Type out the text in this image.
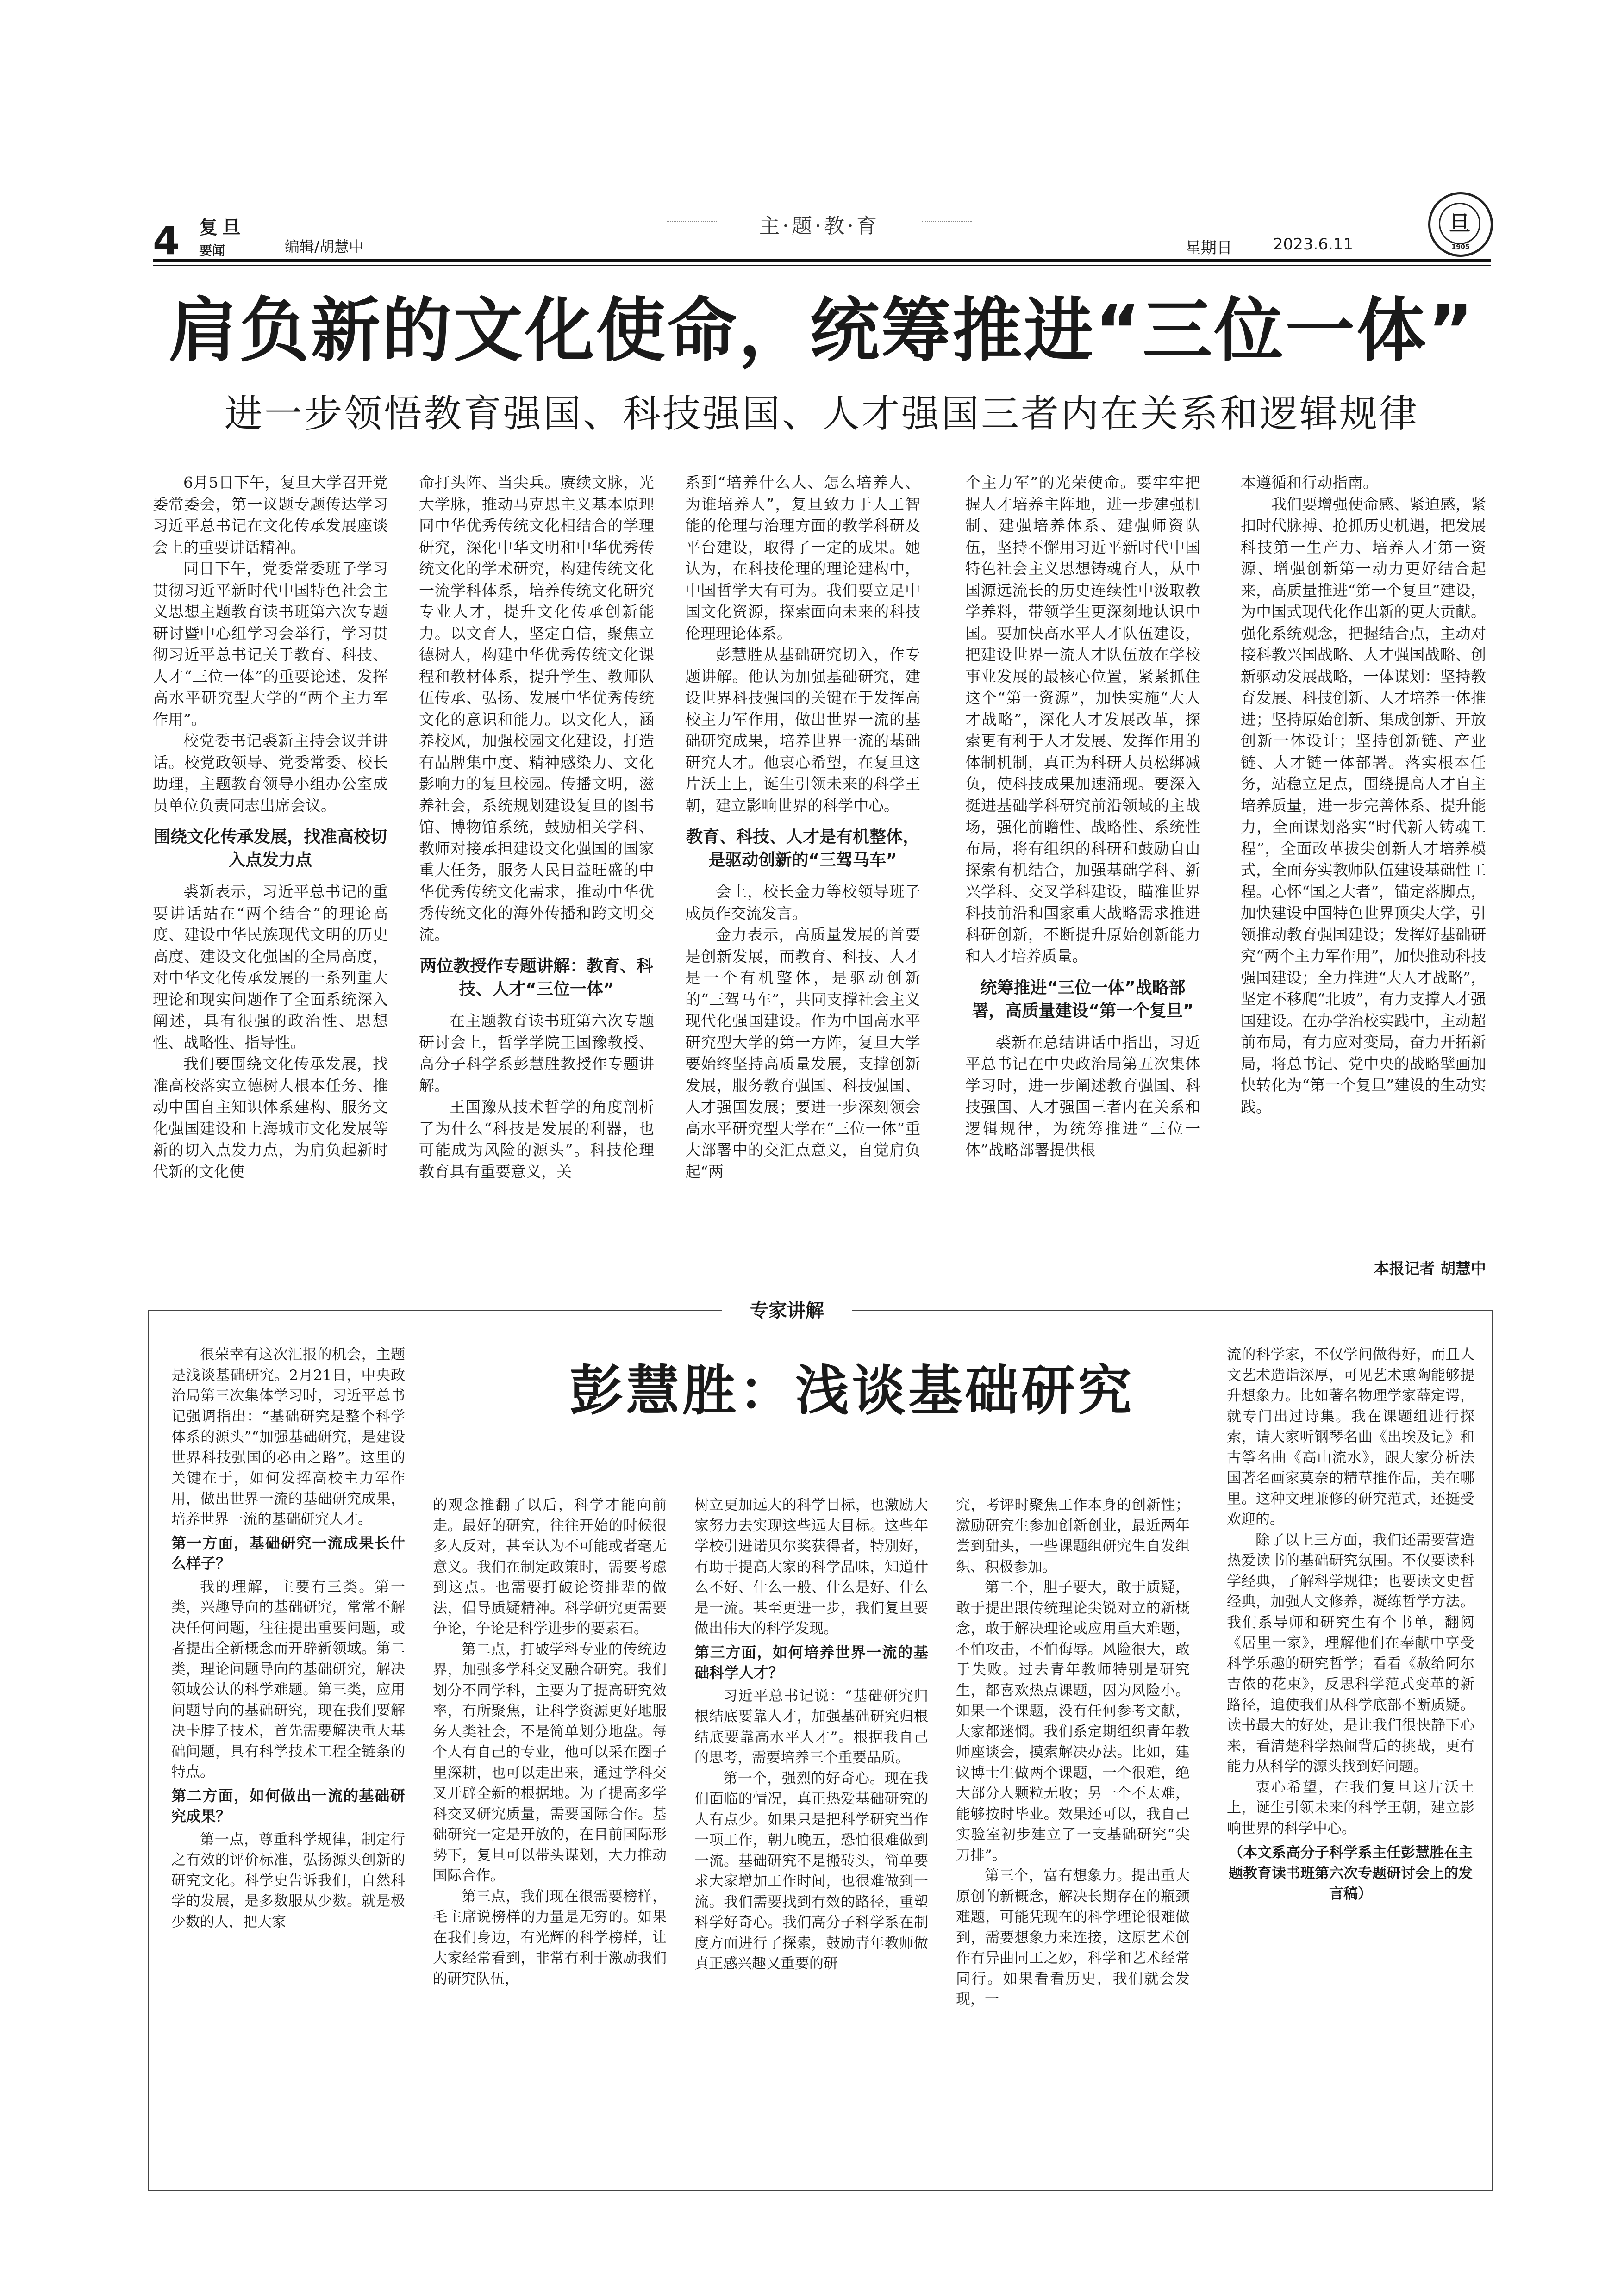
4 复旦
要闻	编辑/胡慧中
主·题·教·育
星期日	2023.6.11
旦
1905
肩负新的文化使命，统筹推进“三位一体”
进一步领悟教育强国、科技强国、人才强国三者内在关系和逻辑规律

6月5日下午，复旦大学召开党委常委会，第一议题专题传达学习习近平总书记在文化传承发展座谈会上的重要讲话精神。

同日下午，党委常委班子学习贯彻习近平新时代中国特色社会主义思想主题教育读书班第六次专题研讨暨中心组学习会举行，学习贯彻习近平总书记关于教育、科技、人才“三位一体”的重要论述，发挥高水平研究型大学的“两个主力军作用”。

校党委书记裘新主持会议并讲话。校党政领导、党委常委、校长助理，主题教育领导小组办公室成员单位负责同志出席会议。

围绕文化传承发展，找准高校切入点发力点

裘新表示，习近平总书记的重要讲话站在“两个结合”的理论高度、建设中华民族现代文明的历史高度、建设文化强国的全局高度，对中华文化传承发展的一系列重大理论和现实问题作了全面系统深入阐述，具有很强的政治性、思想性、战略性、指导性。

我们要围绕文化传承发展，找准高校落实立德树人根本任务、推动中国自主知识体系建构、服务文化强国建设和上海城市文化发展等新的切入点发力点，为肩负起新时代新的文化使

命打头阵、当尖兵。赓续文脉，光大学脉，推动马克思主义基本原理同中华优秀传统文化相结合的学理研究，深化中华文明和中华优秀传统文化的学术研究，构建传统文化一流学科体系，培养传统文化研究专业人才，提升文化传承创新能力。以文育人，坚定自信，聚焦立德树人，构建中华优秀传统文化课程和教材体系，提升学生、教师队伍传承、弘扬、发展中华优秀传统文化的意识和能力。以文化人，涵养校风，加强校园文化建设，打造有品牌集中度、精神感染力、文化影响力的复旦校园。传播文明，滋养社会，系统规划建设复旦的图书馆、博物馆系统，鼓励相关学科、教师对接承担建设文化强国的国家重大任务，服务人民日益旺盛的中华优秀传统文化需求，推动中华优秀传统文化的海外传播和跨文明交流。

两位教授作专题讲解：教育、科技、人才“三位一体”

在主题教育读书班第六次专题研讨会上，哲学学院王国豫教授、高分子科学系彭慧胜教授作专题讲解。

王国豫从技术哲学的角度剖析了为什么“科技是发展的利器，也可能成为风险的源头”。科技伦理教育具有重要意义，关

系到“培养什么人、怎么培养人、为谁培养人”，复旦致力于人工智能的伦理与治理方面的教学科研及平台建设，取得了一定的成果。她认为，在科技伦理的理论建构中，中国哲学大有可为。我们要立足中国文化资源，探索面向未来的科技伦理理论体系。

彭慧胜从基础研究切入，作专题讲解。他认为加强基础研究，建设世界科技强国的关键在于发挥高校主力军作用，做出世界一流的基础研究成果，培养世界一流的基础研究人才。他衷心希望，在复旦这片沃土上，诞生引领未来的科学王朝，建立影响世界的科学中心。

教育、科技、人才是有机整体，是驱动创新的“三驾马车”

会上，校长金力等校领导班子成员作交流发言。

金力表示，高质量发展的首要是创新发展，而教育、科技、人才是一个有机整体，是驱动创新的“三驾马车”，共同支撑社会主义现代化强国建设。作为中国高水平研究型大学的第一方阵，复旦大学要始终坚持高质量发展，支撑创新发展，服务教育强国、科技强国、人才强国发展；要进一步深刻领会高水平研究型大学在“三位一体”重大部署中的交汇点意义，自觉肩负起“两

个主力军”的光荣使命。要牢牢把握人才培养主阵地，进一步建强机制、建强培养体系、建强师资队伍，坚持不懈用习近平新时代中国特色社会主义思想铸魂育人，从中国源远流长的历史连续性中汲取教学养料，带领学生更深刻地认识中国。要加快高水平人才队伍建设，把建设世界一流人才队伍放在学校事业发展的最核心位置，紧紧抓住这个“第一资源”，加快实施“大人才战略”，深化人才发展改革，探索更有利于人才发展、发挥作用的体制机制，真正为科研人员松绑减负，使科技成果加速涌现。要深入挺进基础学科研究前沿领域的主战场，强化前瞻性、战略性、系统性布局，将有组织的科研和鼓励自由探索有机结合，加强基础学科、新兴学科、交叉学科建设，瞄准世界科技前沿和国家重大战略需求推进科研创新，不断提升原始创新能力和人才培养质量。

统筹推进“三位一体”战略部署，高质量建设“第一个复旦”

裘新在总结讲话中指出，习近平总书记在中央政治局第五次集体学习时，进一步阐述教育强国、科技强国、人才强国三者内在关系和逻辑规律，为统筹推进“三位一体”战略部署提供根

本遵循和行动指南。

我们要增强使命感、紧迫感，紧扣时代脉搏、抢抓历史机遇，把发展科技第一生产力、培养人才第一资源、增强创新第一动力更好结合起来，高质量推进“第一个复旦”建设，为中国式现代化作出新的更大贡献。强化系统观念，把握结合点，主动对接科教兴国战略、人才强国战略、创新驱动发展战略，一体谋划：坚持教育发展、科技创新、人才培养一体推进；坚持原始创新、集成创新、开放创新一体设计；坚持创新链、产业链、人才链一体部署。落实根本任务，站稳立足点，围绕提高人才自主培养质量，进一步完善体系、提升能力，全面谋划落实“时代新人铸魂工程”，全面改革拔尖创新人才培养模式，全面夯实教师队伍建设基础性工程。心怀“国之大者”，锚定落脚点，加快建设中国特色世界顶尖大学，引领推动教育强国建设；发挥好基础研究“两个主力军作用”，加快推动科技强国建设；全力推进“大人才战略”，坚定不移爬“北坡”，有力支撑人才强国建设。在办学治校实践中，主动超前布局，有力应对变局，奋力开拓新局，将总书记、党中央的战略擘画加快转化为“第一个复旦”建设的生动实践。

本报记者 胡慧中
专家讲解
彭慧胜：浅谈基础研究

很荣幸有这次汇报的机会，主题是浅谈基础研究。2月21日，中央政治局第三次集体学习时，习近平总书记强调指出：“基础研究是整个科学体系的源头”“加强基础研究，是建设世界科技强国的必由之路”。这里的关键在于，如何发挥高校主力军作用，做出世界一流的基础研究成果，培养世界一流的基础研究人才。

第一方面，基础研究一流成果长什么样子？

我的理解，主要有三类。第一类，兴趣导向的基础研究，常常不解决任何问题，往往提出重要问题，或者提出全新概念而开辟新领域。第二类，理论问题导向的基础研究，解决领域公认的科学难题。第三类，应用问题导向的基础研究，现在我们要解决卡脖子技术，首先需要解决重大基础问题，具有科学技术工程全链条的特点。

第二方面，如何做出一流的基础研究成果？

第一点，尊重科学规律，制定行之有效的评价标准，弘扬源头创新的研究文化。科学史告诉我们，自然科学的发展，是多数服从少数。就是极少数的人，把大家

的观念推翻了以后，科学才能向前走。最好的研究，往往开始的时候很多人反对，甚至认为不可能或者毫无意义。我们在制定政策时，需要考虑到这点。也需要打破论资排辈的做法，倡导质疑精神。科学研究更需要争论，争论是科学进步的要素石。

第二点，打破学科专业的传统边界，加强多学科交叉融合研究。我们划分不同学科，主要为了提高研究效率，有所聚焦，让科学资源更好地服务人类社会，不是简单划分地盘。每个人有自己的专业，他可以采在圈子里深耕，也可以走出来，通过学科交叉开辟全新的根据地。为了提高多学科交叉研究质量，需要国际合作。基础研究一定是开放的，在目前国际形势下，复旦可以带头谋划，大力推动国际合作。

第三点，我们现在很需要榜样，毛主席说榜样的力量是无穷的。如果在我们身边，有光辉的科学榜样，让大家经常看到，非常有利于激励我们的研究队伍，

树立更加远大的科学目标，也激励大家努力去实现这些远大目标。这些年学校引进诺贝尔奖获得者，特别好，有助于提高大家的科学品味，知道什么不好、什么一般、什么是好、什么是一流。甚至更进一步，我们复旦要做出伟大的科学发现。

第三方面，如何培养世界一流的基础科学人才？

习近平总书记说：“基础研究归根结底要靠人才，加强基础研究归根结底要靠高水平人才”。根据我自己的思考，需要培养三个重要品质。

第一个，强烈的好奇心。现在我们面临的情况，真正热爱基础研究的人有点少。如果只是把科学研究当作一项工作，朝九晚五，恐怕很难做到一流。基础研究不是搬砖头，简单要求大家增加工作时间，也很难做到一流。我们需要找到有效的路径，重塑科学好奇心。我们高分子科学系在制度方面进行了探索，鼓励青年教师做真正感兴趣又重要的研

究，考评时聚焦工作本身的创新性；激励研究生参加创新创业，最近两年尝到甜头，一些课题组研究生自发组织、积极参加。

第二个，胆子要大，敢于质疑，敢于提出跟传统理论尖锐对立的新概念，敢于解决理论或应用重大难题，不怕攻击，不怕侮辱。风险很大，敢于失败。过去青年教师特别是研究生，都喜欢热点课题，因为风险小。如果一个课题，没有任何参考文献，大家都迷惘。我们系定期组织青年教师座谈会，摸索解决办法。比如，建议博士生做两个课题，一个很难，绝大部分人颗粒无收；另一个不太难，能够按时毕业。效果还可以，我自己实验室初步建立了一支基础研究“尖刀排”。

第三个，富有想象力。提出重大原创的新概念，解决长期存在的瓶颈难题，可能凭现在的科学理论很难做到，需要想象力来连接，这原艺术创作有异曲同工之妙，科学和艺术经常同行。如果看看历史，我们就会发现，一

流的科学家，不仅学问做得好，而且人文艺术造诣深厚，可见艺术熏陶能够提升想象力。比如著名物理学家薛定谔，就专门出过诗集。我在课题组进行探索，请大家听钢琴名曲《出埃及记》和古筝名曲《高山流水》，跟大家分析法国著名画家莫奈的精草推作品，美在哪里。这种文理兼修的研究范式，还挺受欢迎的。

除了以上三方面，我们还需要营造热爱读书的基础研究氛围。不仅要读科学经典，了解科学规律；也要读文史哲经典，加强人文修养，凝练哲学方法。我们系导师和研究生有个书单，翻阅《居里一家》，理解他们在奉献中享受科学乐趣的研究哲学；看看《赦给阿尔吉侬的花束》，反思科学范式变革的新路径，追使我们从科学底部不断质疑。读书最大的好处，是让我们很快静下心来，看清楚科学热闹背后的挑战，更有能力从科学的源头找到好问题。

衷心希望，在我们复旦这片沃土上，诞生引领未来的科学王朝，建立影响世界的科学中心。

（本文系高分子科学系主任彭慧胜在主题教育读书班第六次专题研讨会上的发言稿）
